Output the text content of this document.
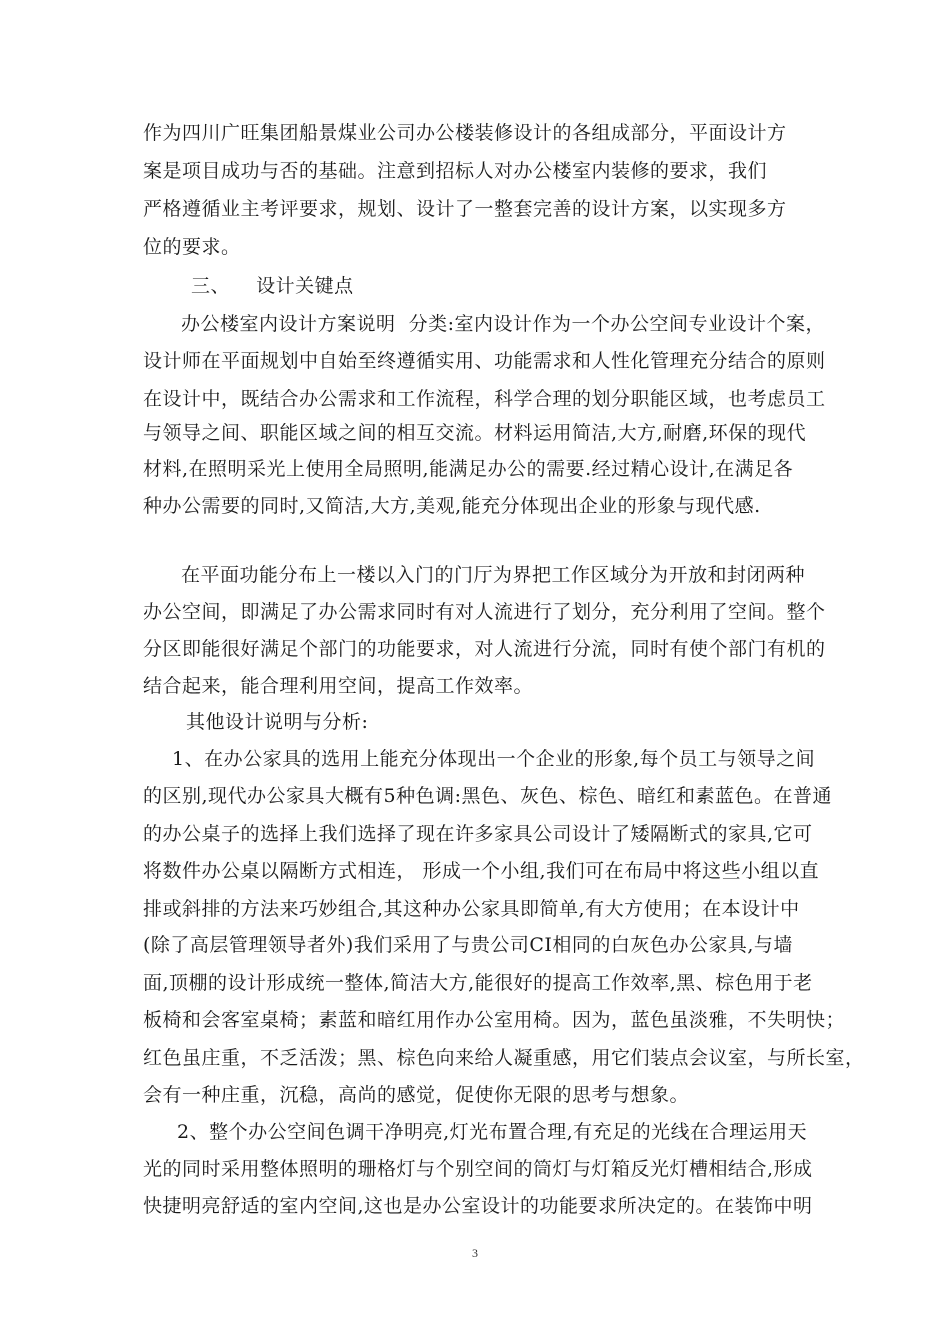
作为四川广旺集团船景煤业公司办公楼装修设计的各组成部分，平面设计方
案是项目成功与否的基础。注意到招标人对办公楼室内装修的要求，我们
严格遵循业主考评要求，规划、设计了一整套完善的设计方案，以实现多方
位的要求。
三、    设计关键点
办公楼室内设计方案说明  分类:室内设计作为一个办公空间专业设计个案，
设计师在平面规划中自始至终遵循实用、功能需求和人性化管理充分结合的原则
在设计中，既结合办公需求和工作流程，科学合理的划分职能区域，也考虑员工
与领导之间、职能区域之间的相互交流。材料运用简洁,大方,耐磨,环保的现代
材料,在照明采光上使用全局照明,能满足办公的需要.经过精心设计,在满足各
种办公需要的同时,又简洁,大方,美观,能充分体现出企业的形象与现代感.
在平面功能分布上一楼以入门的门厅为界把工作区域分为开放和封闭两种
办公空间，即满足了办公需求同时有对人流进行了划分，充分利用了空间。整个
分区即能很好满足个部门的功能要求，对人流进行分流，同时有使个部门有机的
结合起来，能合理利用空间，提高工作效率。
其他设计说明与分析:
1、在办公家具的选用上能充分体现出一个企业的形象,每个员工与领导之间
的区别,现代办公家具大概有5种色调:黑色、灰色、棕色、暗红和素蓝色。在普通
的办公桌子的选择上我们选择了现在许多家具公司设计了矮隔断式的家具,它可
将数件办公桌以隔断方式相连， 形成一个小组,我们可在布局中将这些小组以直
排或斜排的方法来巧妙组合,其这种办公家具即简单,有大方使用；在本设计中
(除了高层管理领导者外)我们采用了与贵公司CI相同的白灰色办公家具,与墙
面,顶棚的设计形成统一整体,简洁大方,能很好的提高工作效率,黑、棕色用于老
板椅和会客室桌椅；素蓝和暗红用作办公室用椅。因为，蓝色虽淡雅，不失明快；
红色虽庄重，不乏活泼；黑、棕色向来给人凝重感，用它们装点会议室，与所长室，
会有一种庄重，沉稳，高尚的感觉，促使你无限的思考与想象。
2、整个办公空间色调干净明亮,灯光布置合理,有充足的光线在合理运用天
光的同时采用整体照明的珊格灯与个别空间的筒灯与灯箱反光灯槽相结合,形成
快捷明亮舒适的室内空间,这也是办公室设计的功能要求所决定的。在装饰中明
3
